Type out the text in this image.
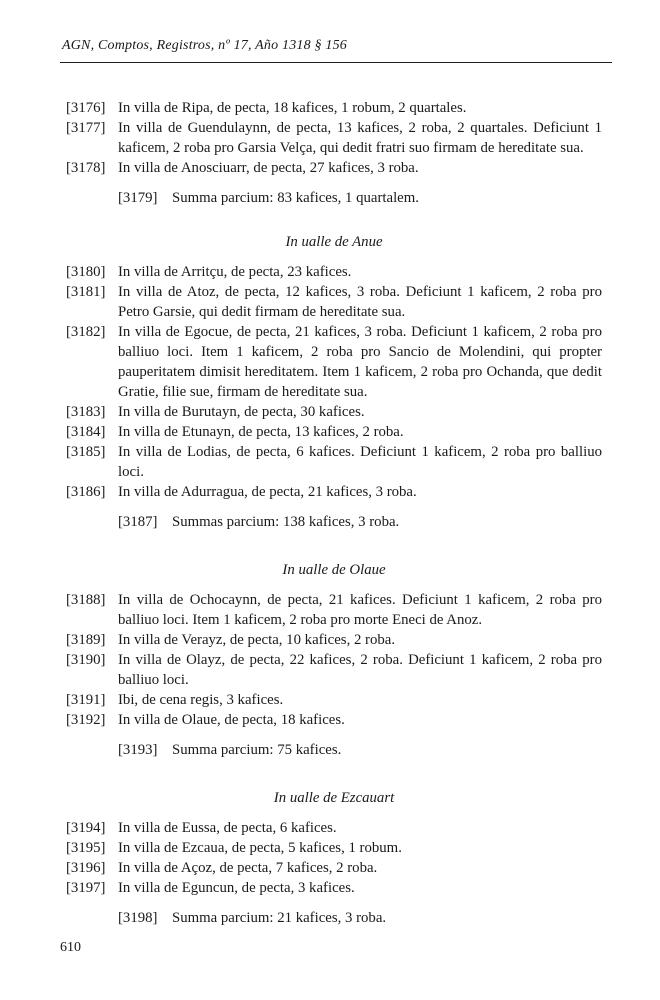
AGN, Comptos, Registros, nº 17, Año 1318 § 156
[3176] In villa de Ripa, de pecta, 18 kafices, 1 robum, 2 quartales.
[3177] In villa de Guendulaynn, de pecta, 13 kafices, 2 roba, 2 quartales. Deficiunt 1 kaficem, 2 roba pro Garsia Velça, qui dedit fratri suo firmam de hereditate sua.
[3178] In villa de Anosciuarr, de pecta, 27 kafices, 3 roba.
[3179] Summa parcium: 83 kafices, 1 quartalem.
In ualle de Anue
[3180] In villa de Arritçu, de pecta, 23 kafices.
[3181] In villa de Atoz, de pecta, 12 kafices, 3 roba. Deficiunt 1 kaficem, 2 roba pro Petro Garsie, qui dedit firmam de hereditate sua.
[3182] In villa de Egocue, de pecta, 21 kafices, 3 roba. Deficiunt 1 kaficem, 2 roba pro balliuo loci. Item 1 kaficem, 2 roba pro Sancio de Molendini, qui propter pauperitatem dimisit hereditatem. Item 1 kaficem, 2 roba pro Ochanda, que dedit Gratie, filie sue, firmam de hereditate sua.
[3183] In villa de Burutayn, de pecta, 30 kafices.
[3184] In villa de Etunayn, de pecta, 13 kafices, 2 roba.
[3185] In villa de Lodias, de pecta, 6 kafices. Deficiunt 1 kaficem, 2 roba pro balliuo loci.
[3186] In villa de Adurragua, de pecta, 21 kafices, 3 roba.
[3187] Summas parcium: 138 kafices, 3 roba.
In ualle de Olaue
[3188] In villa de Ochocaynn, de pecta, 21 kafices. Deficiunt 1 kaficem, 2 roba pro balliuo loci. Item 1 kaficem, 2 roba pro morte Eneci de Anoz.
[3189] In villa de Verayz, de pecta, 10 kafices, 2 roba.
[3190] In villa de Olayz, de pecta, 22 kafices, 2 roba. Deficiunt 1 kaficem, 2 roba pro balliuo loci.
[3191] Ibi, de cena regis, 3 kafices.
[3192] In villa de Olaue, de pecta, 18 kafices.
[3193] Summa parcium: 75 kafices.
In ualle de Ezcauart
[3194] In villa de Eussa, de pecta, 6 kafices.
[3195] In villa de Ezcaua, de pecta, 5 kafices, 1 robum.
[3196] In villa de Açoz, de pecta, 7 kafices, 2 roba.
[3197] In villa de Eguncun, de pecta, 3 kafices.
[3198] Summa parcium: 21 kafices, 3 roba.
610
